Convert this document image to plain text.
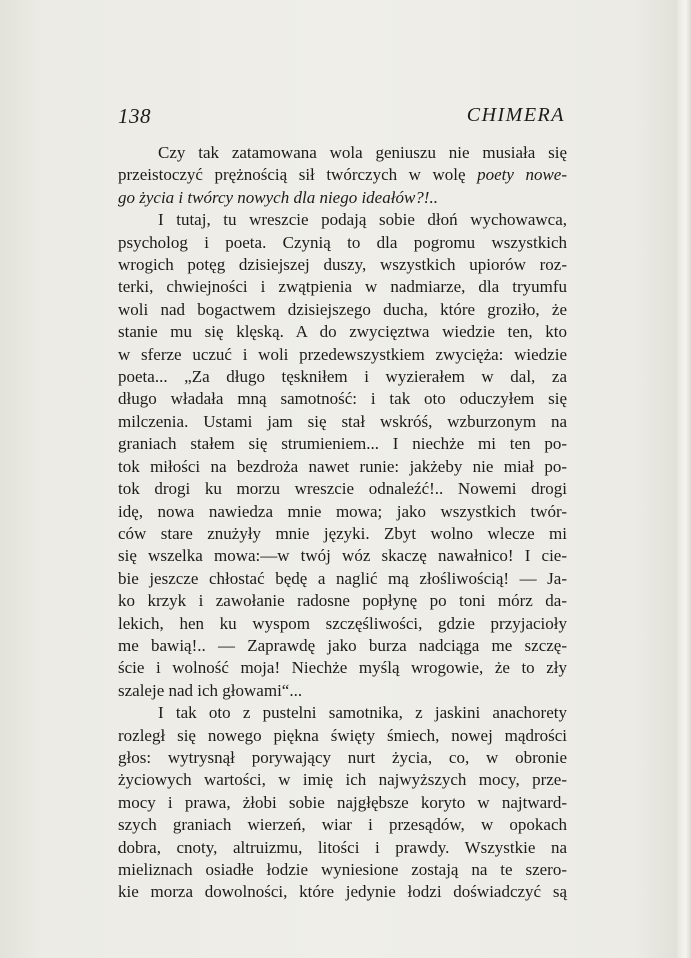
138	CHIMERA
Czy tak zatamowana wola geniuszu nie musiała się
przeistoczyć prężnością sił twórczych w wolę poety nowe-
go życia i twórcy nowych dla niego ideałów?!..
I tutaj, tu wreszcie podają sobie dłoń wychowawca,
psycholog i poeta. Czynią to dla pogromu wszystkich
wrogich potęg dzisiejszej duszy, wszystkich upiorów roz-
terki, chwiejności i zwątpienia w nadmiarze, dla tryumfu
woli nad bogactwem dzisiejszego ducha, które groziło, że
stanie mu się klęską. A do zwycięztwa wiedzie ten, kto
w sferze uczuć i woli przedewszystkiem zwycięża: wiedzie
poeta... „Za długo tęskniłem i wyzierałem w dal, za
długo władała mną samotność: i tak oto oduczyłem się
milczenia. Ustami jam się stał wskróś, wzburzonym na
graniach stałem się strumieniem... I niechże mi ten po-
tok miłości na bezdroża nawet runie: jakżeby nie miał po-
tok drogi ku morzu wreszcie odnaleźć!.. Nowemi drogi
idę, nowa nawiedza mnie mowa; jako wszystkich twór-
ców stare znużyły mnie języki. Zbyt wolno wlecze mi
się wszelka mowa:—w twój wóz skaczę nawałnico! I cie-
bie jeszcze chłostać będę a naglić mą złośliwością! — Ja-
ko krzyk i zawołanie radosne popłynę po toni mórz da-
lekich, hen ku wyspom szczęśliwości, gdzie przyjacioły
me bawią!.. — Zaprawdę jako burza nadciąga me szczę-
ście i wolność moja! Niechże myślą wrogowie, że to zły
szaleje nad ich głowami“...
I tak oto z pustelni samotnika, z jaskini anachorety
rozległ się nowego piękna święty śmiech, nowej mądrości
głos: wytrysnął porywający nurt życia, co, w obronie
życiowych wartości, w imię ich najwyższych mocy, prze-
mocy i prawa, żłobi sobie najgłębsze koryto w najtward-
szych graniach wierzeń, wiar i przesądów, w opokach
dobra, cnoty, altruizmu, litości i prawdy. Wszystkie na
mieliznach osiadłe łodzie wyniesione zostają na te szero-
kie morza dowolności, które jedynie łodzi doświadczyć są
